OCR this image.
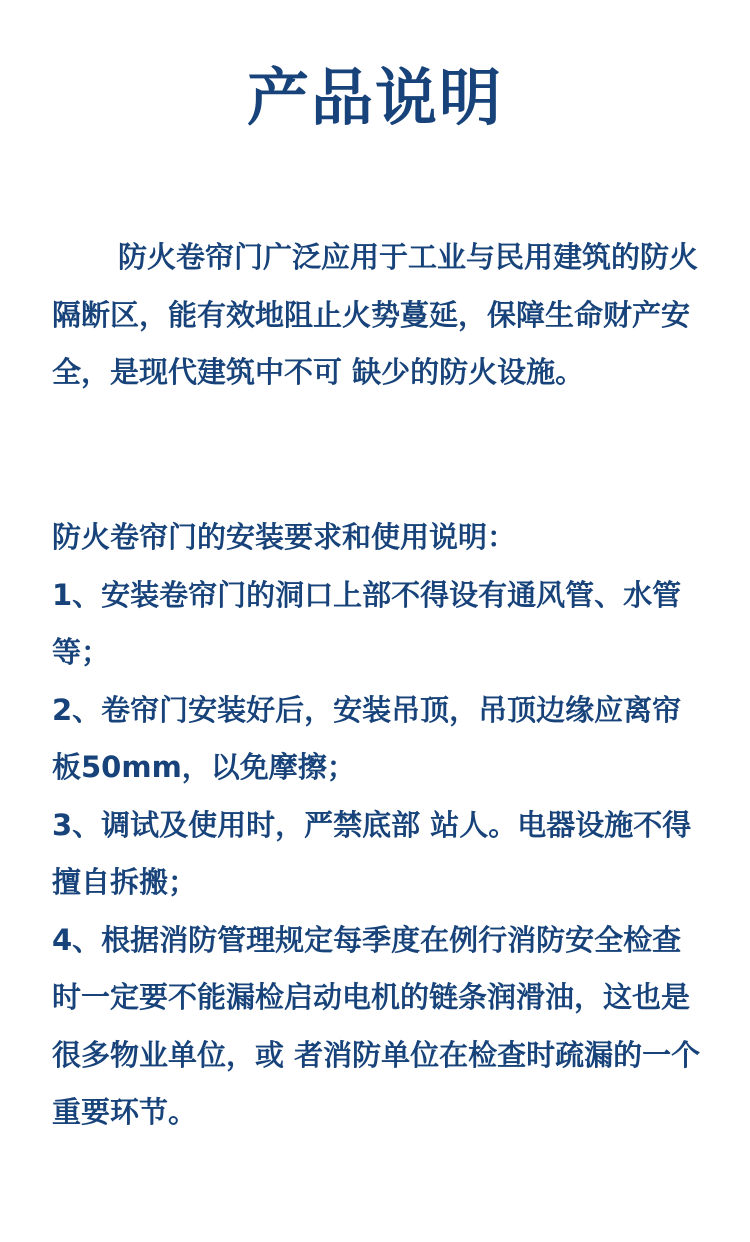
产品说明
防火卷帘门广泛应用于工业与民用建筑的防火隔断区，能有效地阻止火势蔓延，保障生命财产安全，是现代建筑中不可 缺少的防火设施。
防火卷帘门的安装要求和使用说明：
1、安装卷帘门的洞口上部不得设有通风管、水管等；
2、卷帘门安装好后，安装吊顶，吊顶边缘应离帘板50mm，以免摩擦；
3、调试及使用时，严禁底部 站人。电器设施不得擅自拆搬；
4、根据消防管理规定每季度在例行消防安全检查时一定要不能漏检启动电机的链条润滑油，这也是很多物业单位，或 者消防单位在检查时疏漏的一个重要环节。
